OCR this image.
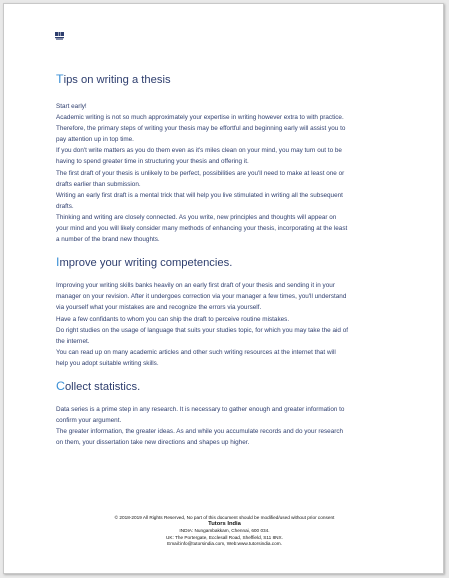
Tips on writing a thesis

Start early!

Academic writing is not so much approximately your expertise in writing however extra to with practice.

Therefore, the primary steps of writing your thesis may be effortful and beginning early will assist you to

pay attention up in top time.

If you don't write matters as you do them even as it's miles clean on your mind, you may turn out to be

having to spend greater time in structuring your thesis and offering it.

The first draft of your thesis is unlikely to be perfect, possibilities are you'll need to make at least one or

drafts earlier than submission.

Writing an early first draft is a mental trick that will help you live stimulated in writing all the subsequent

drafts.

Thinking and writing are closely connected. As you write, new principles and thoughts will appear on

your mind and you will likely consider many methods of enhancing your thesis, incorporating at the least

a number of the brand new thoughts.

Improve your writing competencies.

Improving your writing skills banks heavily on an early first draft of your thesis and sending it in your

manager on your revision. After it undergoes correction via your manager a few times, you'll understand

via yourself what your mistakes are and recognize the errors via yourself.

Have a few confidants to whom you can ship the draft to perceive routine mistakes.

Do right studies on the usage of language that suits your studies topic, for which you may take the aid of

the internet.

You can read up on many academic articles and other such writing resources at the internet that will

help you adopt suitable writing skills.

Collect statistics.

Data series is a prime step in any research. It is necessary to gather enough and greater information to

confirm your argument.

The greater information, the greater ideas. As and while you accumulate records and do your research

on them, your dissertation take new directions and shapes up higher.

© 2018-2019 All Rights Reserved, No part of this document should be modified/used without prior consent
Tutors India
INDIA: Nungambakkam, Chennai, 600 034.
UK: The Portergate, Ecclesall Road, Sheffield, S11 8NX.
Email:info@tutorsindia.com, Web:www.tutorsindia.com.
